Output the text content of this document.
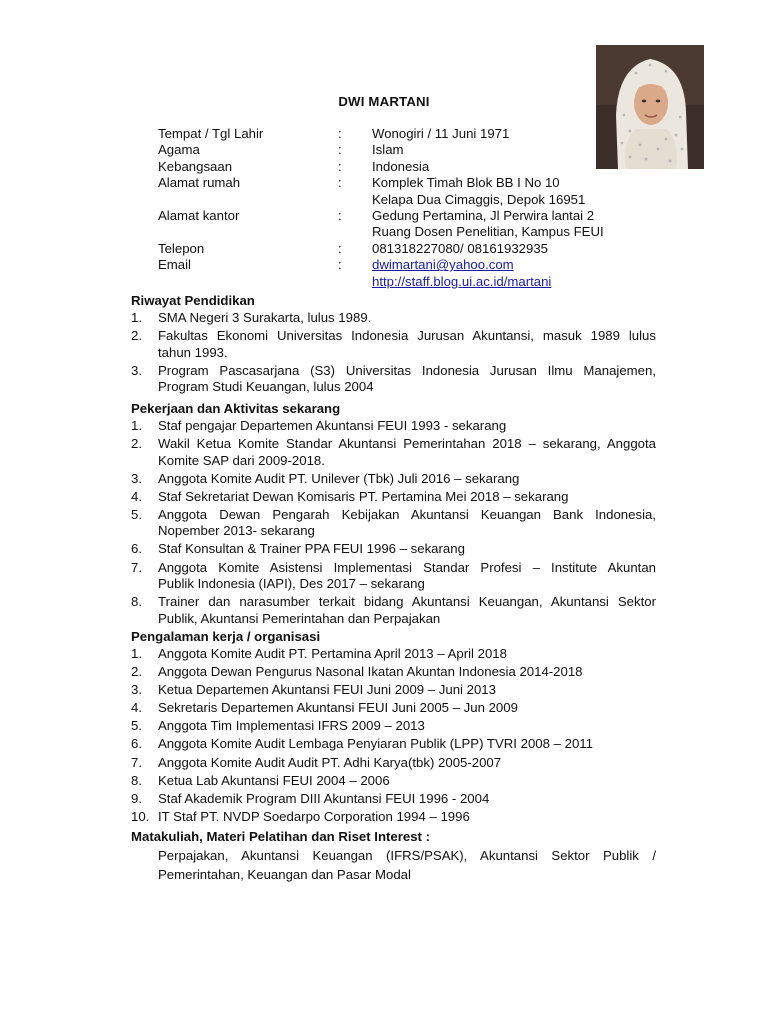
DWI MARTANI
Tempat / Tgl Lahir	:	Wonogiri / 11 Juni 1971
Agama	:	Islam
Kebangsaan	:	Indonesia
Alamat rumah	:	Komplek Timah Blok BB I No 10
Kelapa Dua Cimaggis, Depok 16951
Alamat kantor	:	Gedung Pertamina, Jl Perwira lantai 2
Ruang Dosen Penelitian, Kampus FEUI
Telepon	:	081318227080/ 08161932935
Email	:	dwimartani@yahoo.com
http://staff.blog.ui.ac.id/martani
Riwayat Pendidikan
1.	SMA Negeri 3 Surakarta, lulus 1989.
2.	Fakultas Ekonomi Universitas Indonesia Jurusan Akuntansi, masuk 1989 lulus
tahun 1993.
3.	Program Pascasarjana (S3) Universitas Indonesia Jurusan Ilmu Manajemen,
Program Studi Keuangan, lulus 2004
Pekerjaan dan Aktivitas sekarang
1.	Staf pengajar Departemen Akuntansi FEUI 1993 - sekarang
2.	Wakil Ketua Komite Standar Akuntansi Pemerintahan 2018 – sekarang, Anggota
Komite SAP dari 2009-2018.
3.	Anggota Komite Audit PT. Unilever (Tbk) Juli 2016 – sekarang
4.	Staf Sekretariat Dewan Komisaris PT. Pertamina Mei 2018 – sekarang
5.	Anggota Dewan Pengarah Kebijakan Akuntansi Keuangan Bank Indonesia,
Nopember 2013- sekarang
6.	Staf Konsultan & Trainer PPA FEUI 1996 – sekarang
7.	Anggota Komite Asistensi Implementasi Standar Profesi – Institute Akuntan
Publik Indonesia (IAPI), Des 2017 – sekarang
8.	Trainer dan narasumber terkait bidang Akuntansi Keuangan, Akuntansi Sektor
Publik, Akuntansi Pemerintahan dan Perpajakan
Pengalaman kerja / organisasi
1.	Anggota Komite Audit PT. Pertamina April 2013 – April 2018
2.	Anggota Dewan Pengurus Nasonal Ikatan Akuntan Indonesia 2014-2018
3.	Ketua Departemen Akuntansi FEUI Juni 2009 – Juni 2013
4.	Sekretaris Departemen Akuntansi FEUI Juni 2005 – Jun 2009
5.	Anggota Tim Implementasi IFRS 2009 – 2013
6.	Anggota Komite Audit Lembaga Penyiaran Publik (LPP) TVRI 2008 – 2011
7.	Anggota Komite Audit Audit PT. Adhi Karya(tbk) 2005-2007
8.	Ketua Lab Akuntansi FEUI 2004 – 2006
9.	Staf Akademik Program DIII Akuntansi FEUI 1996 - 2004
10. IT Staf PT. NVDP Soedarpo Corporation 1994 – 1996
Matakuliah, Materi Pelatihan dan Riset Interest :
Perpajakan, Akuntansi Keuangan (IFRS/PSAK), Akuntansi Sektor Publik /
Pemerintahan, Keuangan dan Pasar Modal
